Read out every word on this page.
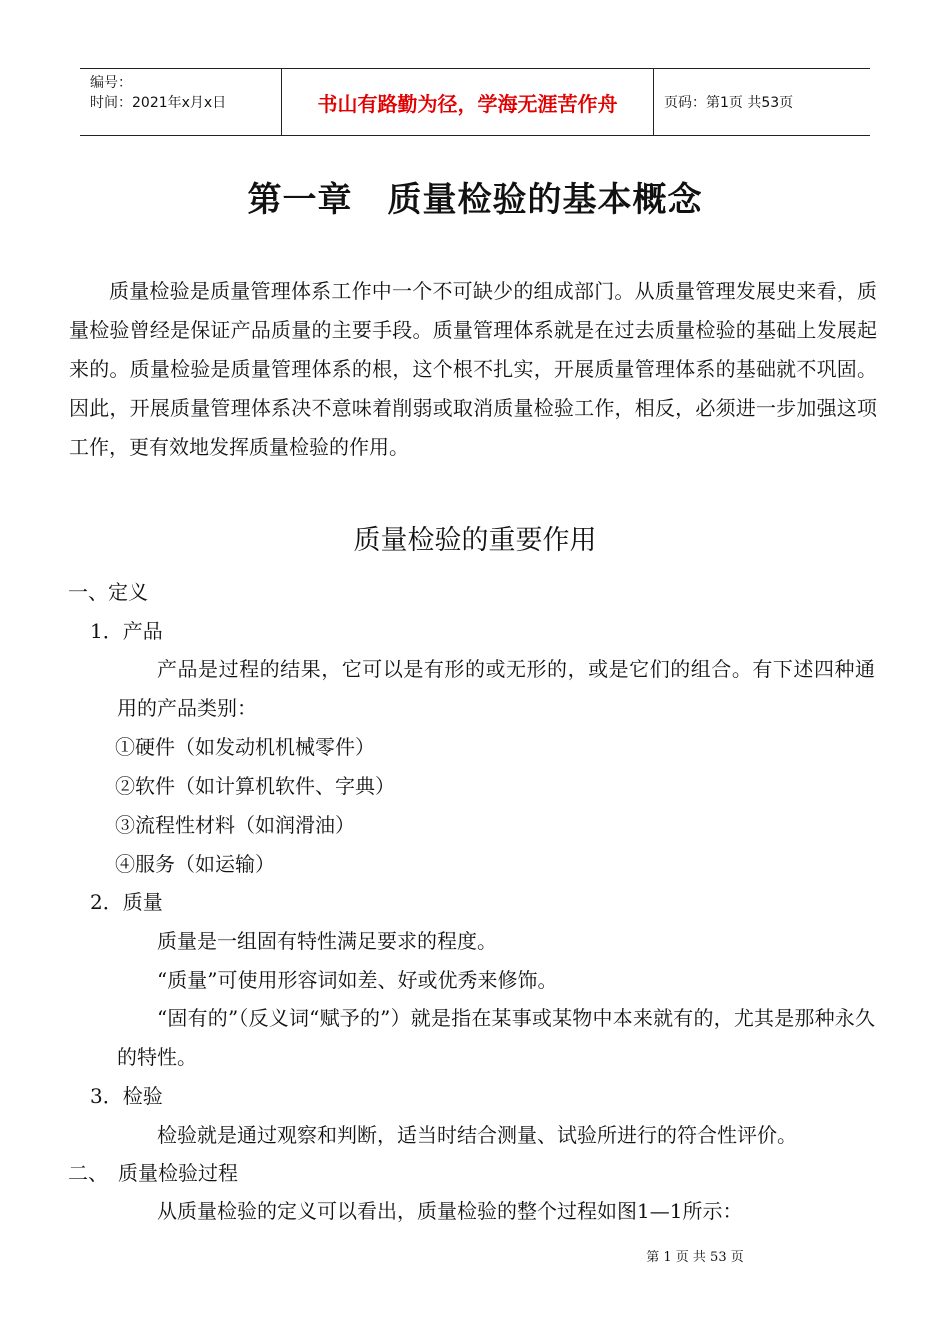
编号：
时间：2021年x月x日	书山有路勤为径，学海无涯苦作舟	页码：第1页 共53页
第一章　质量检验的基本概念

质量检验是质量管理体系工作中一个不可缺少的组成部门。从质量管理发展史来看，质量检验曾经是保证产品质量的主要手段。质量管理体系就是在过去质量检验的基础上发展起来的。质量检验是质量管理体系的根，这个根不扎实，开展质量管理体系的基础就不巩固。因此，开展质量管理体系决不意味着削弱或取消质量检验工作，相反，必须进一步加强这项工作，更有效地发挥质量检验的作用。

质量检验的重要作用

一、定义

1．产品

产品是过程的结果，它可以是有形的或无形的，或是它们的组合。有下述四种通用的产品类别：

①硬件（如发动机机械零件）

②软件（如计算机软件、字典）

③流程性材料（如润滑油）

④服务（如运输）

2．质量

质量是一组固有特性满足要求的程度。

“质量”可使用形容词如差、好或优秀来修饰。

“固有的”（反义词“赋予的”）就是指在某事或某物中本来就有的，尤其是那种永久的特性。

3．检验

检验就是通过观察和判断，适当时结合测量、试验所进行的符合性评价。

二、　质量检验过程

从质量检验的定义可以看出，质量检验的整个过程如图1—1所示：

第 1 页 共 53 页
